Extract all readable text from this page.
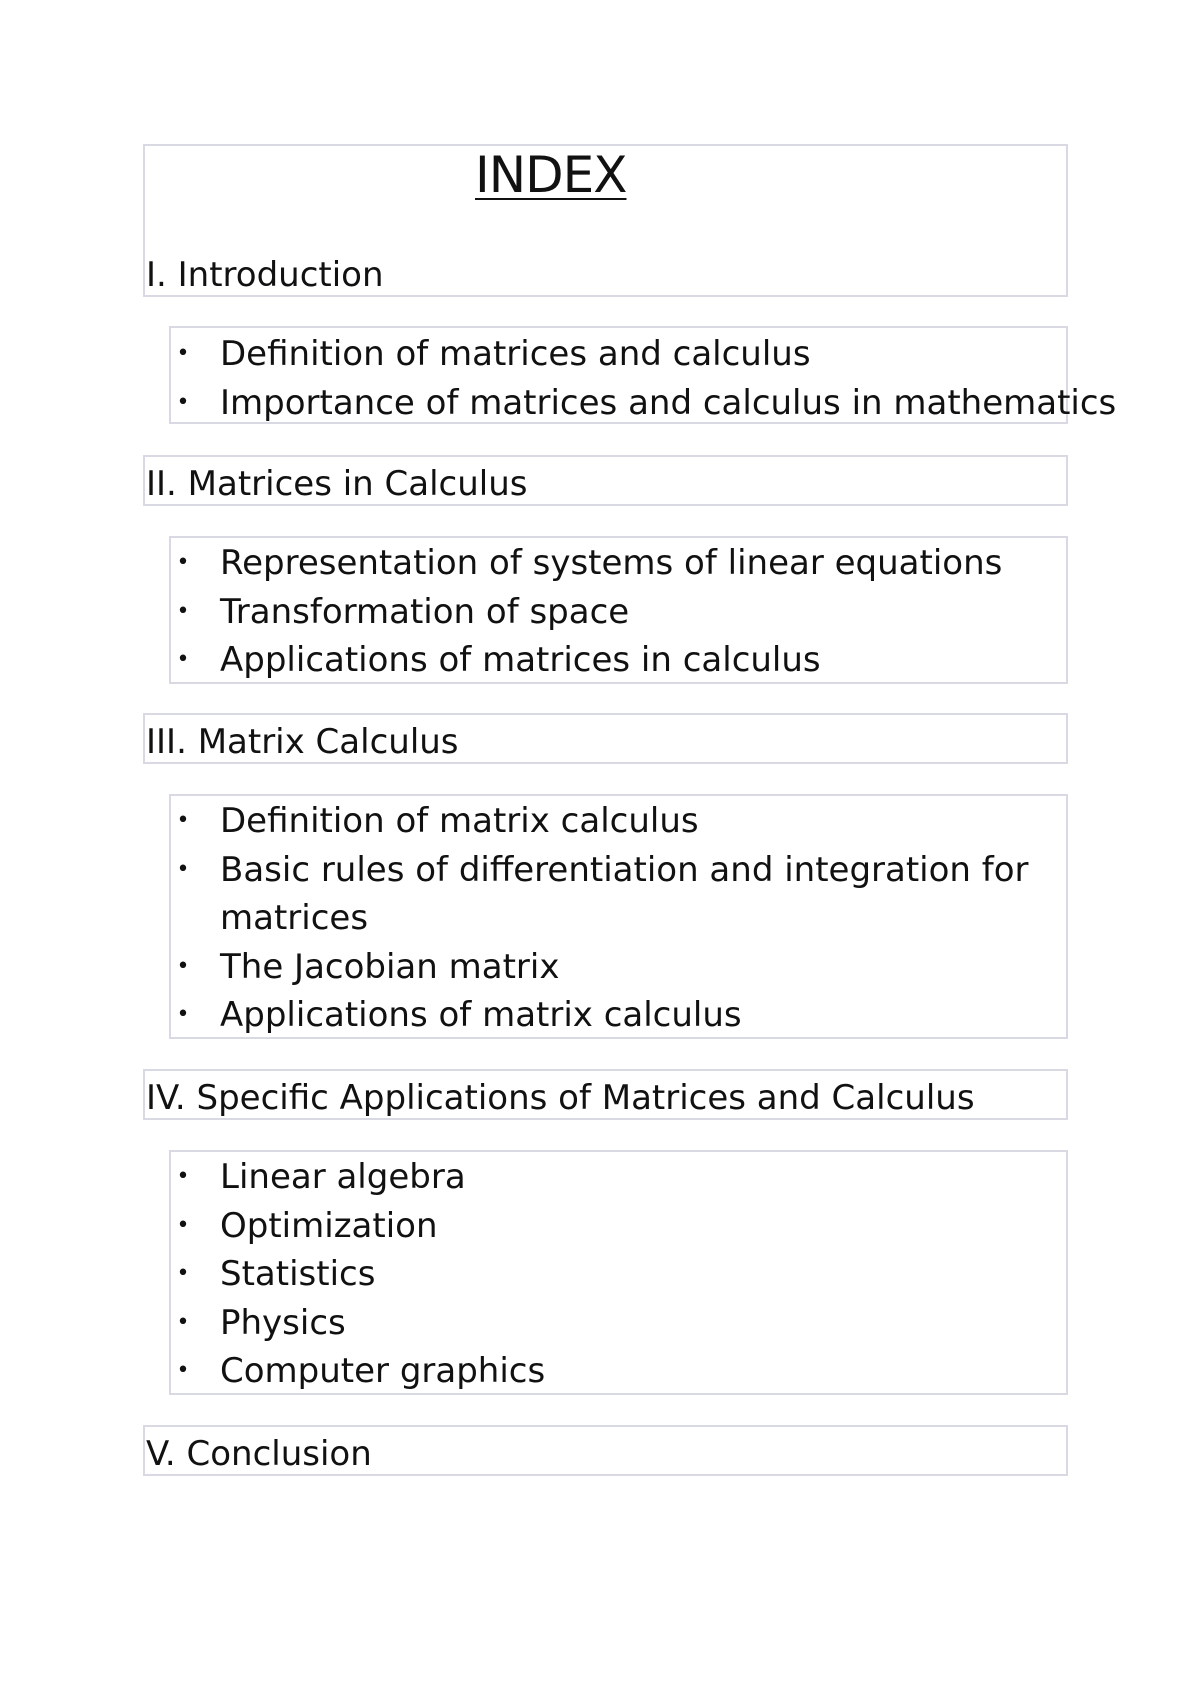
INDEX
I. Introduction
• Definition of matrices and calculus
• Importance of matrices and calculus in mathematics
II. Matrices in Calculus
• Representation of systems of linear equations
• Transformation of space
• Applications of matrices in calculus
III. Matrix Calculus
• Definition of matrix calculus
• Basic rules of differentiation and integration for matrices
• The Jacobian matrix
• Applications of matrix calculus
IV. Specific Applications of Matrices and Calculus
• Linear algebra
• Optimization
• Statistics
• Physics
• Computer graphics
V. Conclusion
